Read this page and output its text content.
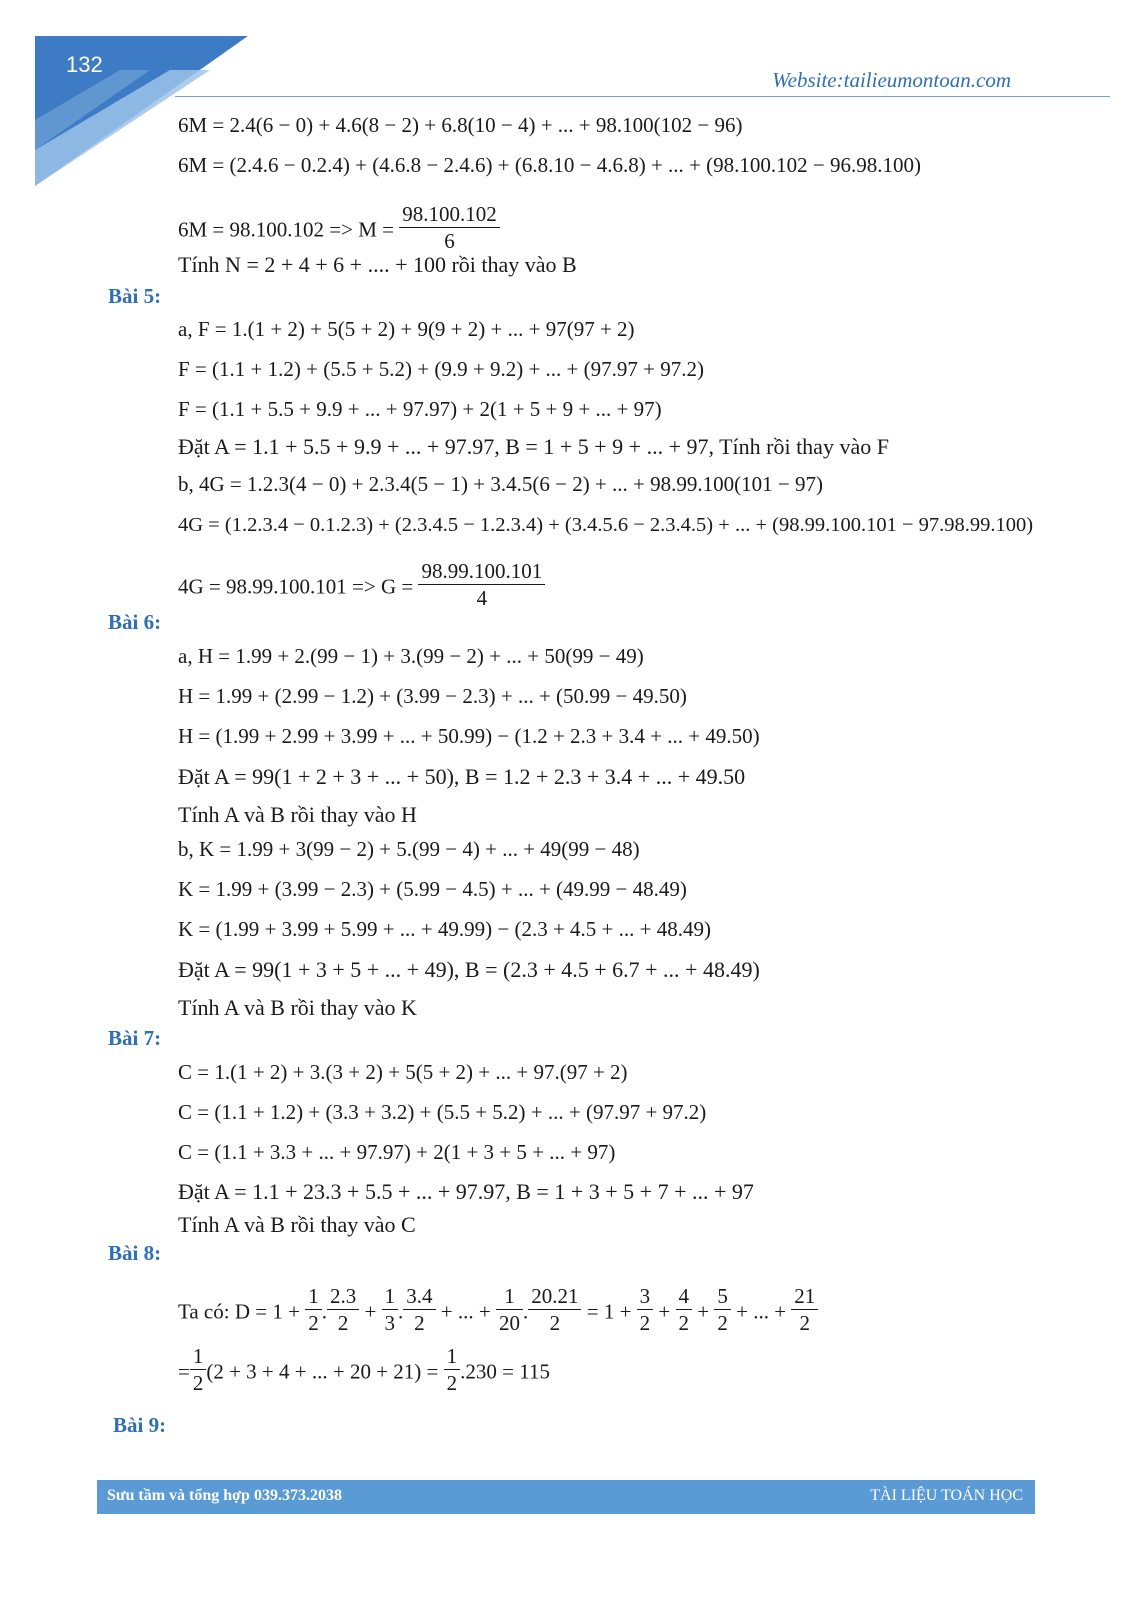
132
Website:tailieumontoan.com
6M = 2.4(6 − 0) + 4.6(8 − 2) + 6.8(10 − 4) + ... + 98.100(102 − 96)
6M = (2.4.6 − 0.2.4) + (4.6.8 − 2.4.6) + (6.8.10 − 4.6.8) + ... + (98.100.102 − 96.98.100)
$6M = 98.100.102 => M = \frac{98.100.102}{6}$
Tính N = 2 + 4 + 6 + .... + 100 rồi thay vào B
Bài 5:
a, F = 1.(1 + 2) + 5(5 + 2) + 9(9 + 2) + ... + 97(97 + 2)
F = (1.1 + 1.2) + (5.5 + 5.2) + (9.9 + 9.2) + ... + (97.97 + 97.2)
F = (1.1 + 5.5 + 9.9 + ... + 97.97) + 2(1 + 5 + 9 + ... + 97)
Đặt A = 1.1 + 5.5 + 9.9 + ... + 97.97, B = 1 + 5 + 9 + ... + 97, Tính rồi thay vào F
b, 4G = 1.2.3(4 − 0) + 2.3.4(5 − 1) + 3.4.5(6 − 2) + ... + 98.99.100(101 − 97)
4G = (1.2.3.4 − 0.1.2.3) + (2.3.4.5 − 1.2.3.4) + (3.4.5.6 − 2.3.4.5) + ... + (98.99.100.101 − 97.98.99.100)
$4G = 98.99.100.101 => G = \frac{98.99.100.101}{4}$
Bài 6:
a, H = 1.99 + 2.(99 − 1) + 3.(99 − 2) + ... + 50(99 − 49)
H = 1.99 + (2.99 − 1.2) + (3.99 − 2.3) + ... + (50.99 − 49.50)
H = (1.99 + 2.99 + 3.99 + ... + 50.99) − (1.2 + 2.3 + 3.4 + ... + 49.50)
Đặt A = 99(1 + 2 + 3 + ... + 50), B = 1.2 + 2.3 + 3.4 + ... + 49.50
Tính A và B rồi thay vào H
b, K = 1.99 + 3(99 − 2) + 5.(99 − 4) + ... + 49(99 − 48)
K = 1.99 + (3.99 − 2.3) + (5.99 − 4.5) + ... + (49.99 − 48.49)
K = (1.99 + 3.99 + 5.99 + ... + 49.99) − (2.3 + 4.5 + ... + 48.49)
Đặt A = 99(1 + 3 + 5 + ... + 49), B = (2.3 + 4.5 + 6.7 + ... + 48.49)
Tính A và B rồi thay vào K
Bài 7:
C = 1.(1 + 2) + 3.(3 + 2) + 5(5 + 2) + ... + 97.(97 + 2)
C = (1.1 + 1.2) + (3.3 + 3.2) + (5.5 + 5.2) + ... + (97.97 + 97.2)
C = (1.1 + 3.3 + ... + 97.97) + 2(1 + 3 + 5 + ... + 97)
Đặt A = 1.1 + 23.3 + 5.5 + ... + 97.97, B = 1 + 3 + 5 + 7 + ... + 97
Tính A và B rồi thay vào C
Bài 8:
Ta có: $D = 1 + \frac{1}{2}$ . $\frac{2.3}{2} + \frac{1}{3}$ . $\frac{3.4}{2}$ + ... + $\frac{1}{20}$ . $\frac{20.21}{2} = 1 + \frac{3}{2} + \frac{4}{2} + \frac{5}{2}$ + ... + $\frac{21}{2}$
= $\frac{1}{2} (2 + 3 + 4$ + ... + $20 + 21) = \frac{1}{2} .230 = 115$
Bài 9:
Sưu tầm và tổng hợp 039.373.2038	TÀI LIỆU TOÁN HỌC
